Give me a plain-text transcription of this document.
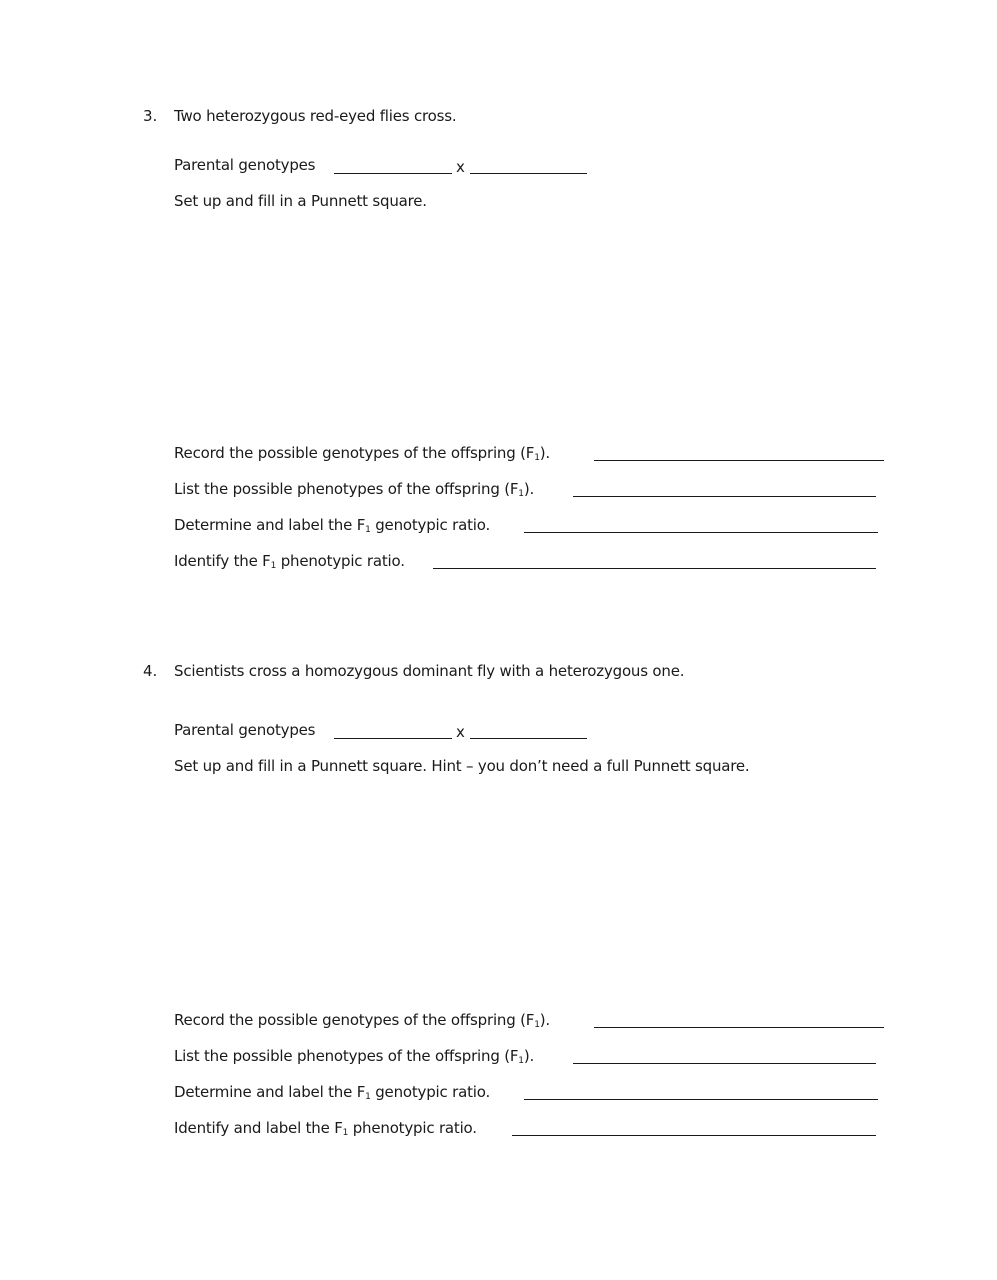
3. Two heterozygous red-eyed flies cross.
Parental genotypes	x
Set up and fill in a Punnett square.
Record the possible genotypes of the offspring $(F_1)$.
List the possible phenotypes of the offspring $(F_1)$.
Determine and label the $F_1$ genotypic ratio.
Identify the $F_1$ phenotypic ratio.
4. Scientists cross a homozygous dominant fly with a heterozygous one.
Parental genotypes	x
Set up and fill in a Punnett square. Hint – you don’t need a full Punnett square.
Record the possible genotypes of the offspring $(F_1)$.
List the possible phenotypes of the offspring $(F_1)$.
Determine and label the $F_1$ genotypic ratio.
Identify and label the $F_1$ phenotypic ratio.
